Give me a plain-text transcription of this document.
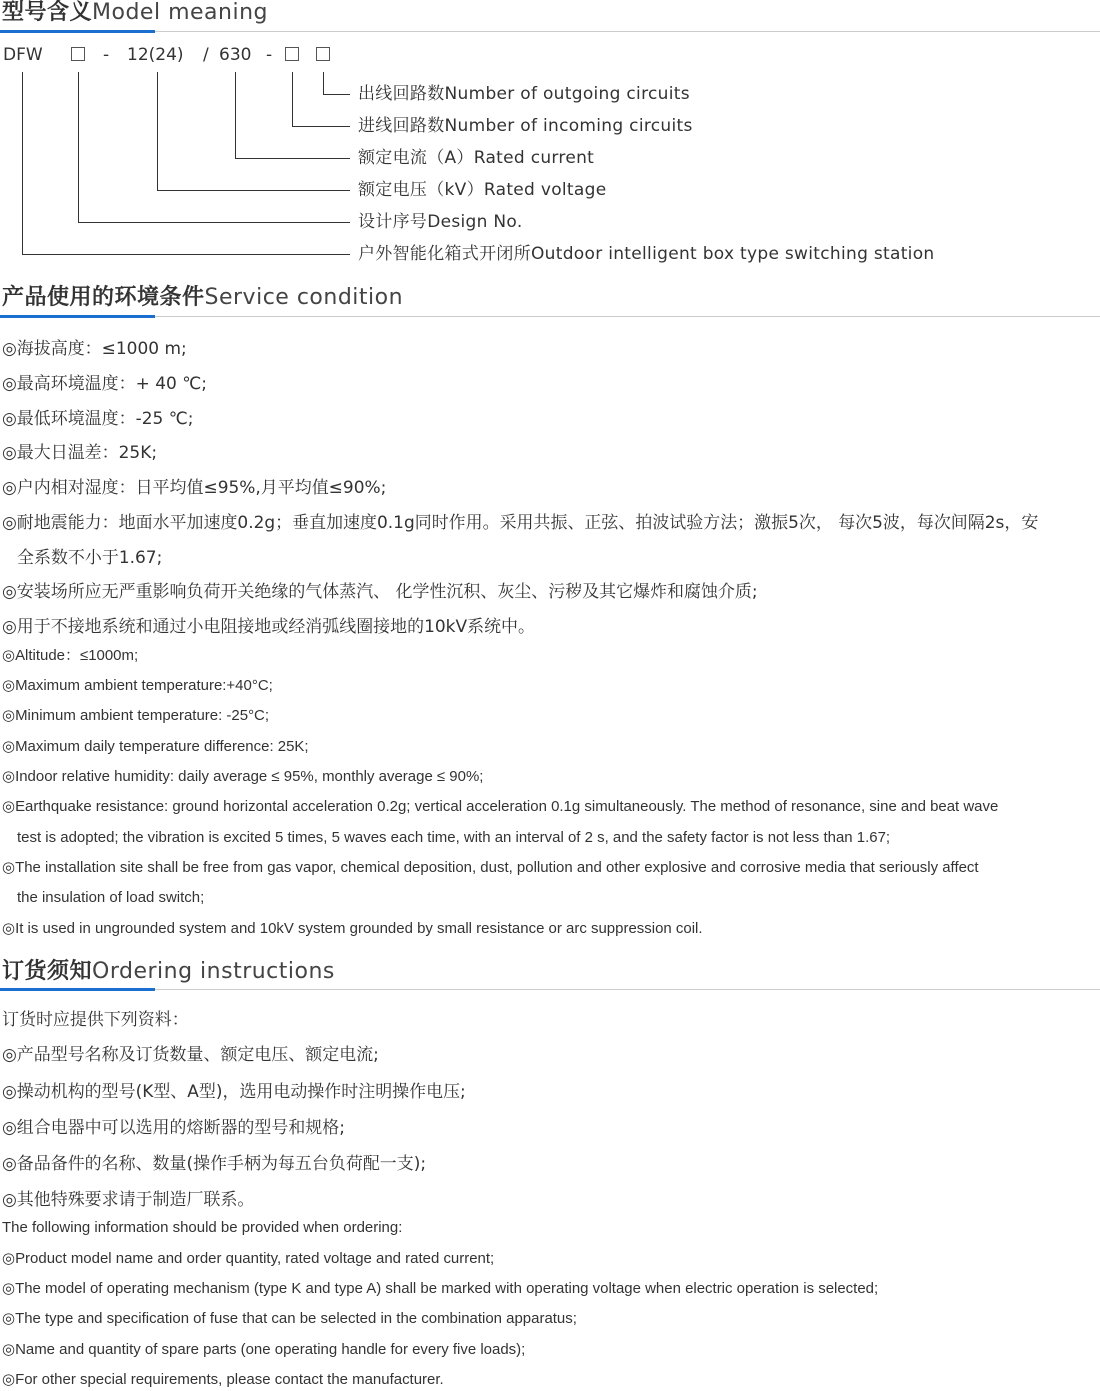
型号含义Model meaning
DFW	- 12(24) / 630 -
出线回路数Number of outgoing circuits
进线回路数Number of incoming circuits
额定电流（A）Rated current
额定电压（kV）Rated voltage
设计序号Design No.
户外智能化箱式开闭所Outdoor intelligent box type switching station
产品使用的环境条件Service condition
◎海拔高度：≤1000 m;
◎最高环境温度：+ 40 ℃;
◎最低环境温度：-25 ℃;
◎最大日温差：25K;
◎户内相对湿度：日平均值≤95%,月平均值≤90%;
◎耐地震能力：地面水平加速度0.2g；垂直加速度0.1g同时作用。采用共振、正弦、拍波试验方法；激振5次， 每次5波，每次间隔2s，安
全系数不小于1.67;
◎安装场所应无严重影响负荷开关绝缘的气体蒸汽、 化学性沉积、灰尘、污秽及其它爆炸和腐蚀介质;
◎用于不接地系统和通过小电阻接地或经消弧线圈接地的10kV系统中。
◎Altitude：≤1000m;
◎Maximum ambient temperature:+40°C;
◎Minimum ambient temperature: -25°C;
◎Maximum daily temperature difference: 25K;
◎Indoor relative humidity: daily average ≤ 95%, monthly average ≤ 90%;
◎Earthquake resistance: ground horizontal acceleration 0.2g; vertical acceleration 0.1g simultaneously. The method of resonance, sine and beat wave
test is adopted; the vibration is excited 5 times, 5 waves each time, with an interval of 2 s, and the safety factor is not less than 1.67;
◎The installation site shall be free from gas vapor, chemical deposition, dust, pollution and other explosive and corrosive media that seriously affect
the insulation of load switch;
◎It is used in ungrounded system and 10kV system grounded by small resistance or arc suppression coil.
订货须知Ordering instructions
订货时应提供下列资料：
◎产品型号名称及订货数量、额定电压、额定电流;
◎操动机构的型号(K型、A型)，选用电动操作时注明操作电压;
◎组合电器中可以选用的熔断器的型号和规格;
◎备品备件的名称、数量(操作手柄为每五台负荷配一支);
◎其他特殊要求请于制造厂联系。
The following information should be provided when ordering:
◎Product model name and order quantity, rated voltage and rated current;
◎The model of operating mechanism (type K and type A) shall be marked with operating voltage when electric operation is selected;
◎The type and specification of fuse that can be selected in the combination apparatus;
◎Name and quantity of spare parts (one operating handle for every five loads);
◎For other special requirements, please contact the manufacturer.
